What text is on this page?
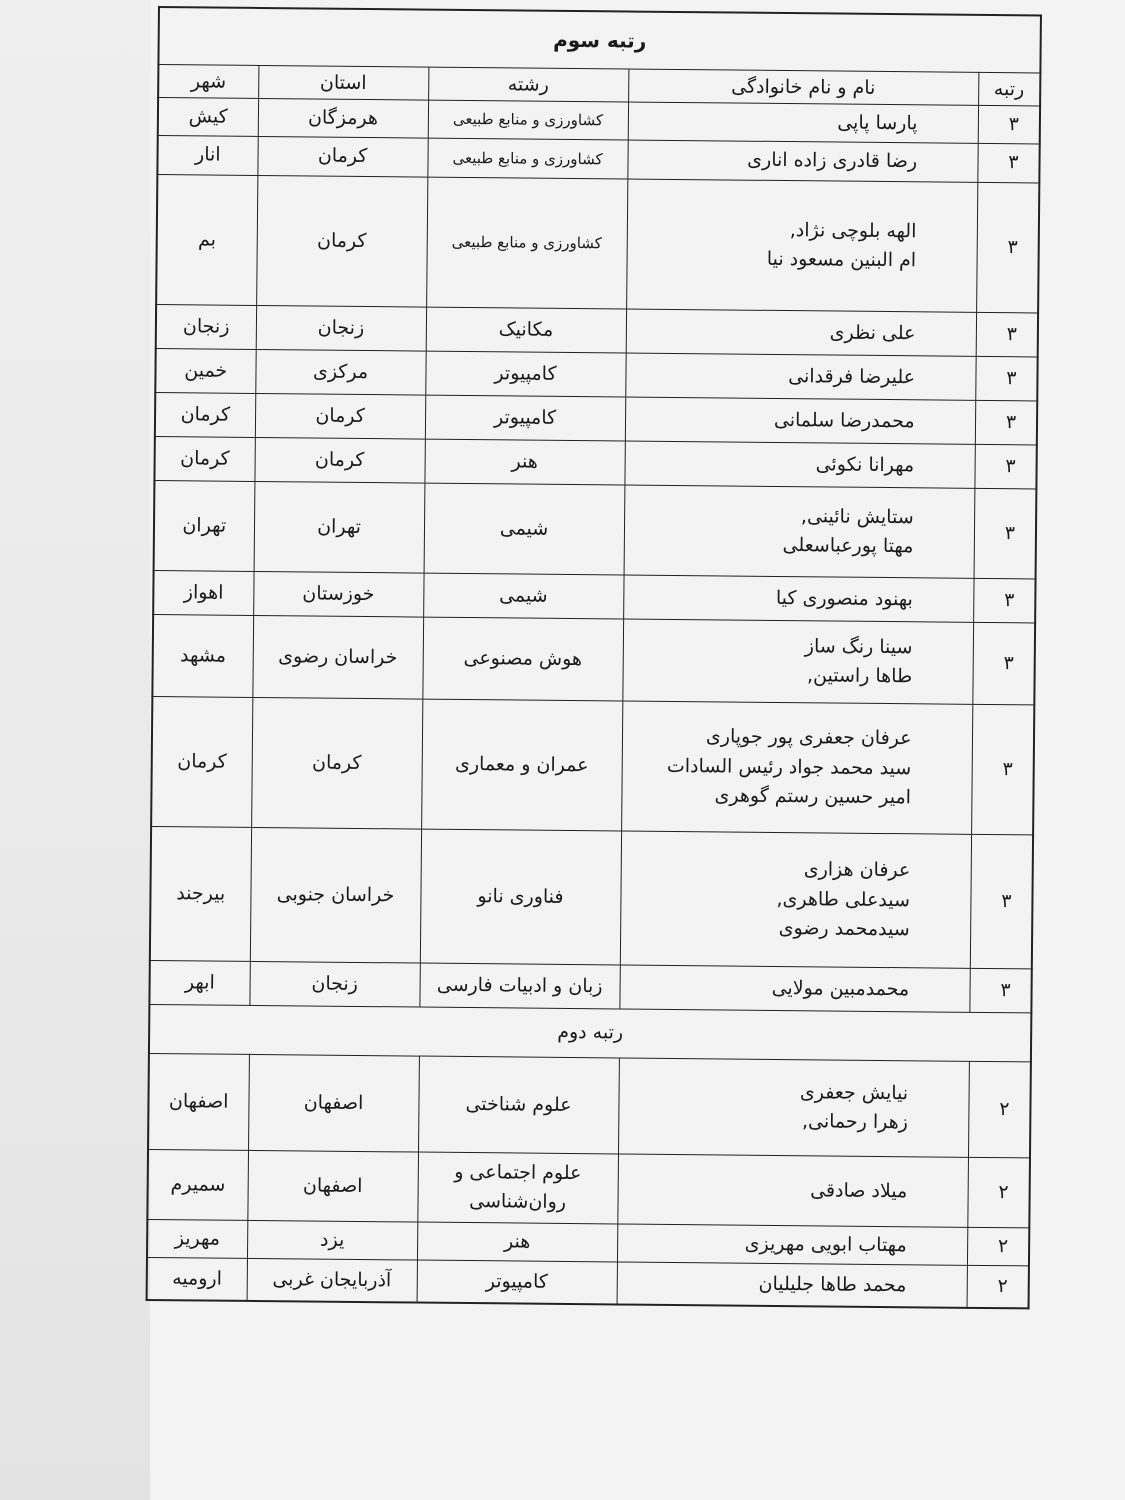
رتبه سوم				
رتبه	نام و نام خانوادگی	رشته	استان	شهر
۳	پارسا پاپی	کشاورزی و منابع طبیعی	هرمزگان	کیش
۳	رضا قادری زاده اناری	کشاورزی و منابع طبیعی	کرمان	انار
۳	الهه بلوچی نژاد,
ام البنین مسعود نیا	کشاورزی و منابع طبیعی	کرمان	بم
۳	علی نظری	مکانیک	زنجان	زنجان
۳	علیرضا فرقدانی	کامپیوتر	مرکزی	خمین
۳	محمدرضا سلمانی	کامپیوتر	کرمان	کرمان
۳	مهرانا نکوئی	هنر	کرمان	کرمان
۳	ستایش نائینی,
مهتا پورعباسعلی	شیمی	تهران	تهران
۳	بهنود منصوری کیا	شیمی	خوزستان	اهواز
۳	سینا رنگ ساز
طاها راستین,	هوش مصنوعی	خراسان رضوی	مشهد
۳	عرفان جعفری پور جوپاری
سید محمد جواد رئیس السادات
امیر حسین رستم گوهری	عمران و معماری	کرمان	کرمان
۳	عرفان هزاری
سیدعلی طاهری,
سیدمحمد رضوی	فناوری نانو	خراسان جنوبی	بیرجند
۳	محمدمبین مولایی	زبان و ادبیات فارسی	زنجان	ابهر
رتبه دوم				
۲	نیایش جعفری
زهرا رحمانی,	علوم شناختی	اصفهان	اصفهان
۲	میلاد صادقی	علوم اجتماعی و روان‌شناسی	اصفهان	سمیرم
۲	مهتاب ابویی مهریزی	هنر	یزد	مهریز
۲	محمد طاها جلیلیان	کامپیوتر	آذربایجان غربی	ارومیه
